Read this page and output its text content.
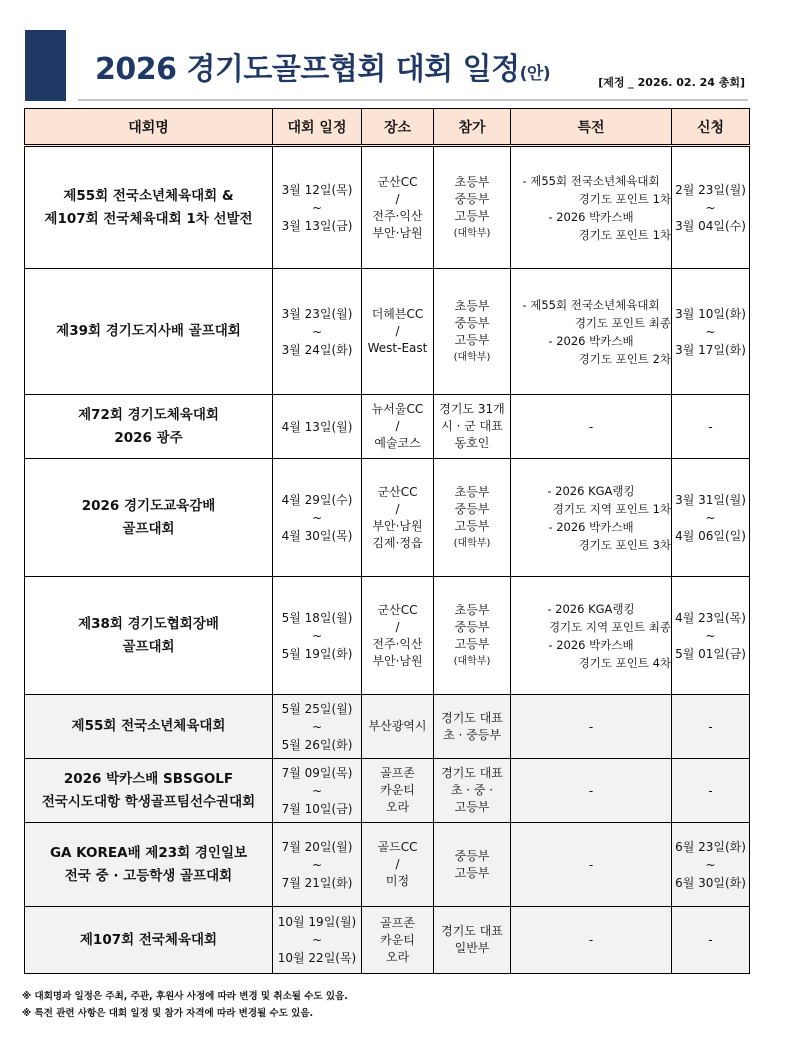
2026 경기도골프협회 대회 일정(안)	[제정 _ 2026. 02. 24 총회]
대회명	대회 일정	장소	참가	특전	신청

제55회 전국소년체육대회 &
제107회 전국체육대회 1차 선발전	3월 12일(목)
~
3월 13일(금)	군산CC
/
전주·익산
부안·남원	초등부
중등부
고등부
(대학부)	- 제55회 전국소년체육대회
경기도 포인트 1차
- 2026 박카스배
경기도 포인트 1차	2월 23일(월)
~
3월 04일(수)

제39회 경기도지사배 골프대회	3월 23일(월)
~
3월 24일(화)	더헤븐CC
/
West-East	초등부
중등부
고등부
(대학부)	- 제55회 전국소년체육대회
경기도 포인트 최종
- 2026 박카스배
경기도 포인트 2차	3월 10일(화)
~
3월 17일(화)

제72회 경기도체육대회
2026 광주	4월 13일(월)	뉴서울CC
/
예술코스	경기도 31개
시 · 군 대표
동호인	-	-

2026 경기도교육감배
골프대회	4월 29일(수)
~
4월 30일(목)	군산CC
/
부안·남원
김제·정읍	초등부
중등부
고등부
(대학부)	- 2026 KGA랭킹
경기도 지역 포인트 1차
- 2026 박카스배
경기도 포인트 3차	3월 31일(월)
~
4월 06일(일)

제38회 경기도협회장배
골프대회	5월 18일(월)
~
5월 19일(화)	군산CC
/
전주·익산
부안·남원	초등부
중등부
고등부
(대학부)	- 2026 KGA랭킹
경기도 지역 포인트 최종
- 2026 박카스배
경기도 포인트 4차	4월 23일(목)
~
5월 01일(금)

제55회 전국소년체육대회	5월 25일(월)
~
5월 26일(화)	부산광역시	경기도 대표
초 · 중등부	-	-

2026 박카스배 SBSGOLF
전국시도대항 학생골프팀선수권대회	7월 09일(목)
~
7월 10일(금)	골프존
카운티
오라	경기도 대표
초 · 중 ·
고등부	-	-

GA KOREA배 제23회 경인일보
전국 중 · 고등학생 골프대회	7월 20일(월)
~
7월 21일(화)	골드CC
/
미정	중등부
고등부	-	6월 23일(화)
~
6월 30일(화)

제107회 전국체육대회	10월 19일(월)
~
10월 22일(목)	골프존
카운티
오라	경기도 대표
일반부	-	-
※ 대회명과 일정은 주최, 주관, 후원사 사정에 따라 변경 및 취소될 수도 있음.
※ 특전 관련 사항은 대회 일정 및 참가 자격에 따라 변경될 수도 있음.
